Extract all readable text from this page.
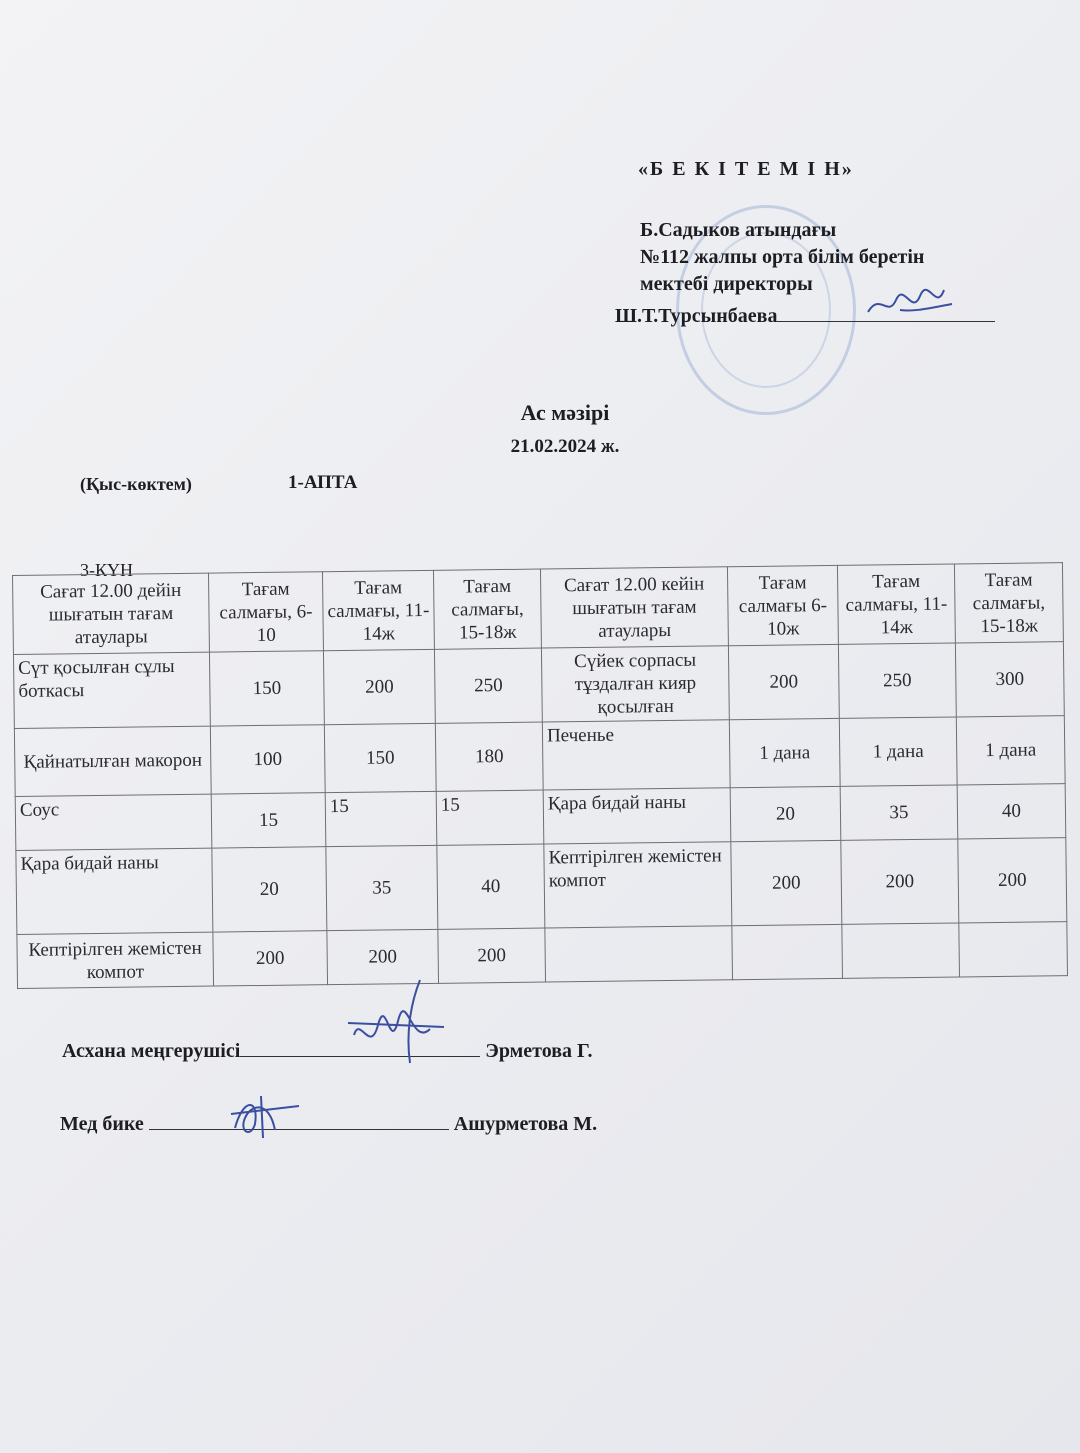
«Б Е К І Т Е М І Н»
Б.Садыков атындағы
№112 жалпы орта білім беретін
мектебі директоры
Ш.Т.Турсынбаева
Ас мәзірі
21.02.2024 ж.
(Қыс-көктем)	1-АПТА
3-КҮН
Сағат 12.00 дейін шығатын тағам атаулары	Тағам салмағы, 6-10	Тағам салмағы, 11-14ж	Тағам салмағы, 15-18ж	Сағат 12.00 кейін шығатын тағам атаулары	Тағам салмағы 6-10ж	Тағам салмағы, 11-14ж	Тағам салмағы, 15-18ж
Сүт қосылған сұлы боткасы	150	200	250	Сүйек сорпасы тұздалған кияр қосылған	200	250	300
Қайнатылған макорон	100	150	180	Печенье	1 дана	1 дана	1 дана
Соус	15	15	15	Қара бидай наны	20	35	40
Қара бидай наны	20	35	40	Кептірілген жемістен компот	200	200	200
Кептірілген жемістен компот	200	200	200				
Асхана меңгерушісі	Эрметова Г.
Мед бике	Ашурметова М.
